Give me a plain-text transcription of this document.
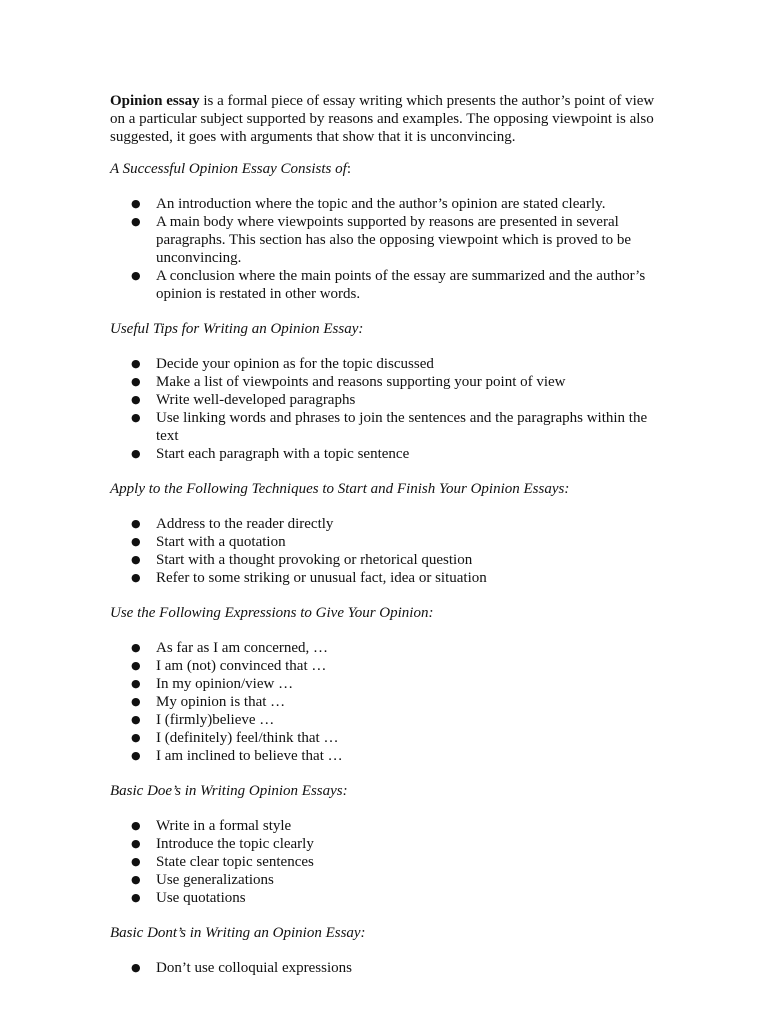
Opinion essay is a formal piece of essay writing which presents the author’s point of view on a particular subject supported by reasons and examples. The opposing viewpoint is also suggested, it goes with arguments that show that it is unconvincing.

A Successful Opinion Essay Consists of:
● An introduction where the topic and the author’s opinion are stated clearly.
● A main body where viewpoints supported by reasons are presented in several paragraphs. This section has also the opposing viewpoint which is proved to be unconvincing.
● A conclusion where the main points of the essay are summarized and the author’s opinion is restated in other words.
Useful Tips for Writing an Opinion Essay:
● Decide your opinion as for the topic discussed
● Make a list of viewpoints and reasons supporting your point of view
● Write well-developed paragraphs
● Use linking words and phrases to join the sentences and the paragraphs within the text
● Start each paragraph with a topic sentence
Apply to the Following Techniques to Start and Finish Your Opinion Essays:
● Address to the reader directly
● Start with a quotation
● Start with a thought provoking or rhetorical question
● Refer to some striking or unusual fact, idea or situation
Use the Following Expressions to Give Your Opinion:
● As far as I am concerned, …
● I am (not) convinced that …
● In my opinion/view …
● My opinion is that …
● I (firmly)believe …
● I (definitely) feel/think that …
● I am inclined to believe that …
Basic Doe’s in Writing Opinion Essays:
● Write in a formal style
● Introduce the topic clearly
● State clear topic sentences
● Use generalizations
● Use quotations
Basic Dont’s in Writing an Opinion Essay:
● Don’t use colloquial expressions
